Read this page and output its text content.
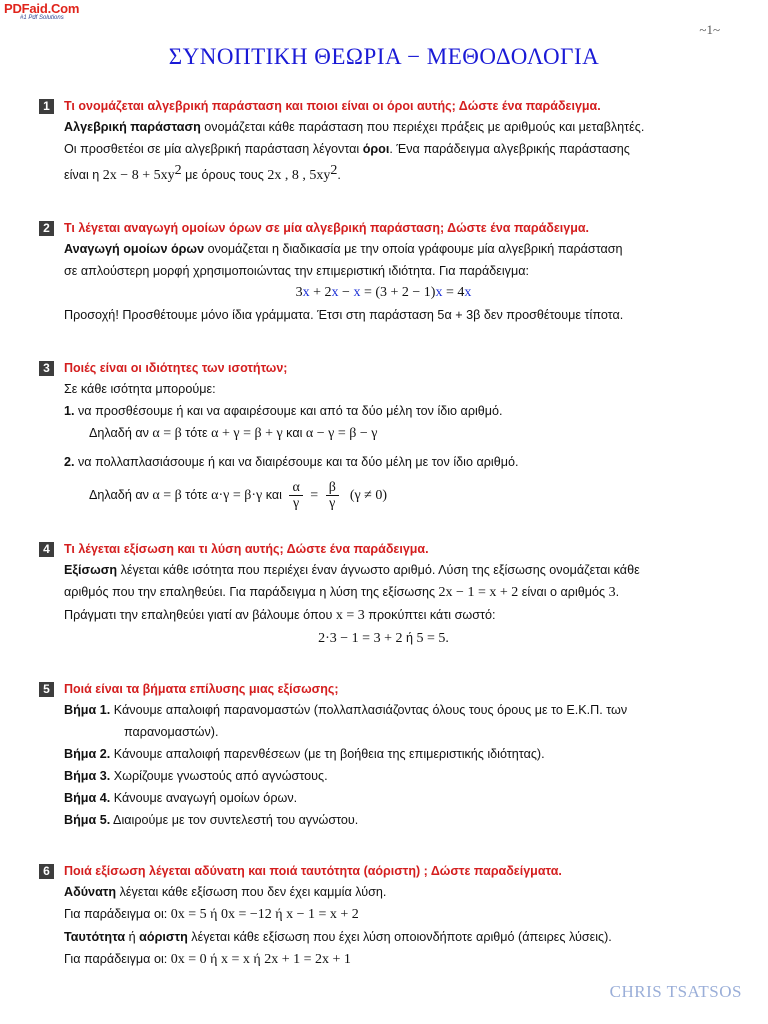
PDFaid.Com
#1 Pdf Solutions
~1~
ΣΥΝΟΠΤΙΚΗ ΘΕΩΡΙΑ − ΜΕΘΟΔΟΛΟΓΙΑ
1	Τι ονομάζεται αλγεβρική παράσταση και ποιοι είναι οι όροι αυτής; Δώστε ένα παράδειγμα.
Αλγεβρική παράσταση ονομάζεται κάθε παράσταση που περιέχει πράξεις με αριθμούς και μεταβλητές.
Οι προσθετέοι σε μία αλγεβρική παράσταση λέγονται όροι. Ένα παράδειγμα αλγεβρικής παράστασης
είναι η $2x - 8 + 5xy^2$ με όρους τους 2x , 8 , $5xy^2$.
2	Τι λέγεται αναγωγή ομοίων όρων σε μία αλγεβρική παράσταση; Δώστε ένα παράδειγμα.
Αναγωγή ομοίων όρων ονομάζεται η διαδικασία με την οποία γράφουμε μία αλγεβρική παράσταση
σε απλούστερη μορφή χρησιμοποιώντας την επιμεριστική ιδιότητα. Για παράδειγμα:
3x + 2x − x = (3 + 2 − 1)x = 4x
Προσοχή! Προσθέτουμε μόνο ίδια γράμματα. Έτσι στη παράσταση 5α + 3β δεν προσθέτουμε τίποτα.
3	Ποιές είναι οι ιδιότητες των ισοτήτων;
Σε κάθε ισότητα μπορούμε:
1. να προσθέσουμε ή και να αφαιρέσουμε και από τα δύο μέλη τον ίδιο αριθμό.
Δηλαδή αν α = β τότε α + γ = β + γ και α − γ = β − γ
2. να πολλαπλασιάσουμε ή και να διαιρέσουμε και τα δύο μέλη με τον ίδιο αριθμό.
Δηλαδή αν α = β τότε α·γ = β·γ και $\frac{\alpha}{\gamma} = \frac{\beta}{\gamma} (\gamma \ne 0)$
4	Τι λέγεται εξίσωση και τι λύση αυτής; Δώστε ένα παράδειγμα.
Εξίσωση λέγεται κάθε ισότητα που περιέχει έναν άγνωστο αριθμό. Λύση της εξίσωσης ονομάζεται κάθε
αριθμός που την επαληθεύει. Για παράδειγμα η λύση της εξίσωσης 2x − 1 = x + 2 είναι ο αριθμός 3.
Πράγματι την επαληθεύει γιατί αν βάλουμε όπου x = 3 προκύπτει κάτι σωστό:
2·3 − 1 = 3 + 2 ή 5 = 5.
5	Ποιά είναι τα βήματα επίλυσης μιας εξίσωσης;
Βήμα 1. Κάνουμε απαλοιφή παρανομαστών (πολλαπλασιάζοντας όλους τους όρους με το Ε.Κ.Π. των
παρανομαστών).
Βήμα 2. Κάνουμε απαλοιφή παρενθέσεων (με τη βοήθεια της επιμεριστικής ιδιότητας).
Βήμα 3. Χωρίζουμε γνωστούς από αγνώστους.
Βήμα 4. Κάνουμε αναγωγή ομοίων όρων.
Βήμα 5. Διαιρούμε με τον συντελεστή του αγνώστου.
6	Ποιά εξίσωση λέγεται αδύνατη και ποιά ταυτότητα (αόριστη) ; Δώστε παραδείγματα.
Αδύνατη λέγεται κάθε εξίσωση που δεν έχει καμμία λύση.
Για παράδειγμα οι: 0x = 5 ή 0x = −12 ή x − 1 = x + 2
Ταυτότητα ή αόριστη λέγεται κάθε εξίσωση που έχει λύση οποιονδήποτε αριθμό (άπειρες λύσεις).
Για παράδειγμα οι: 0x = 0 ή x = x ή 2x + 1 = 2x + 1
CHRIS TSATSOS
